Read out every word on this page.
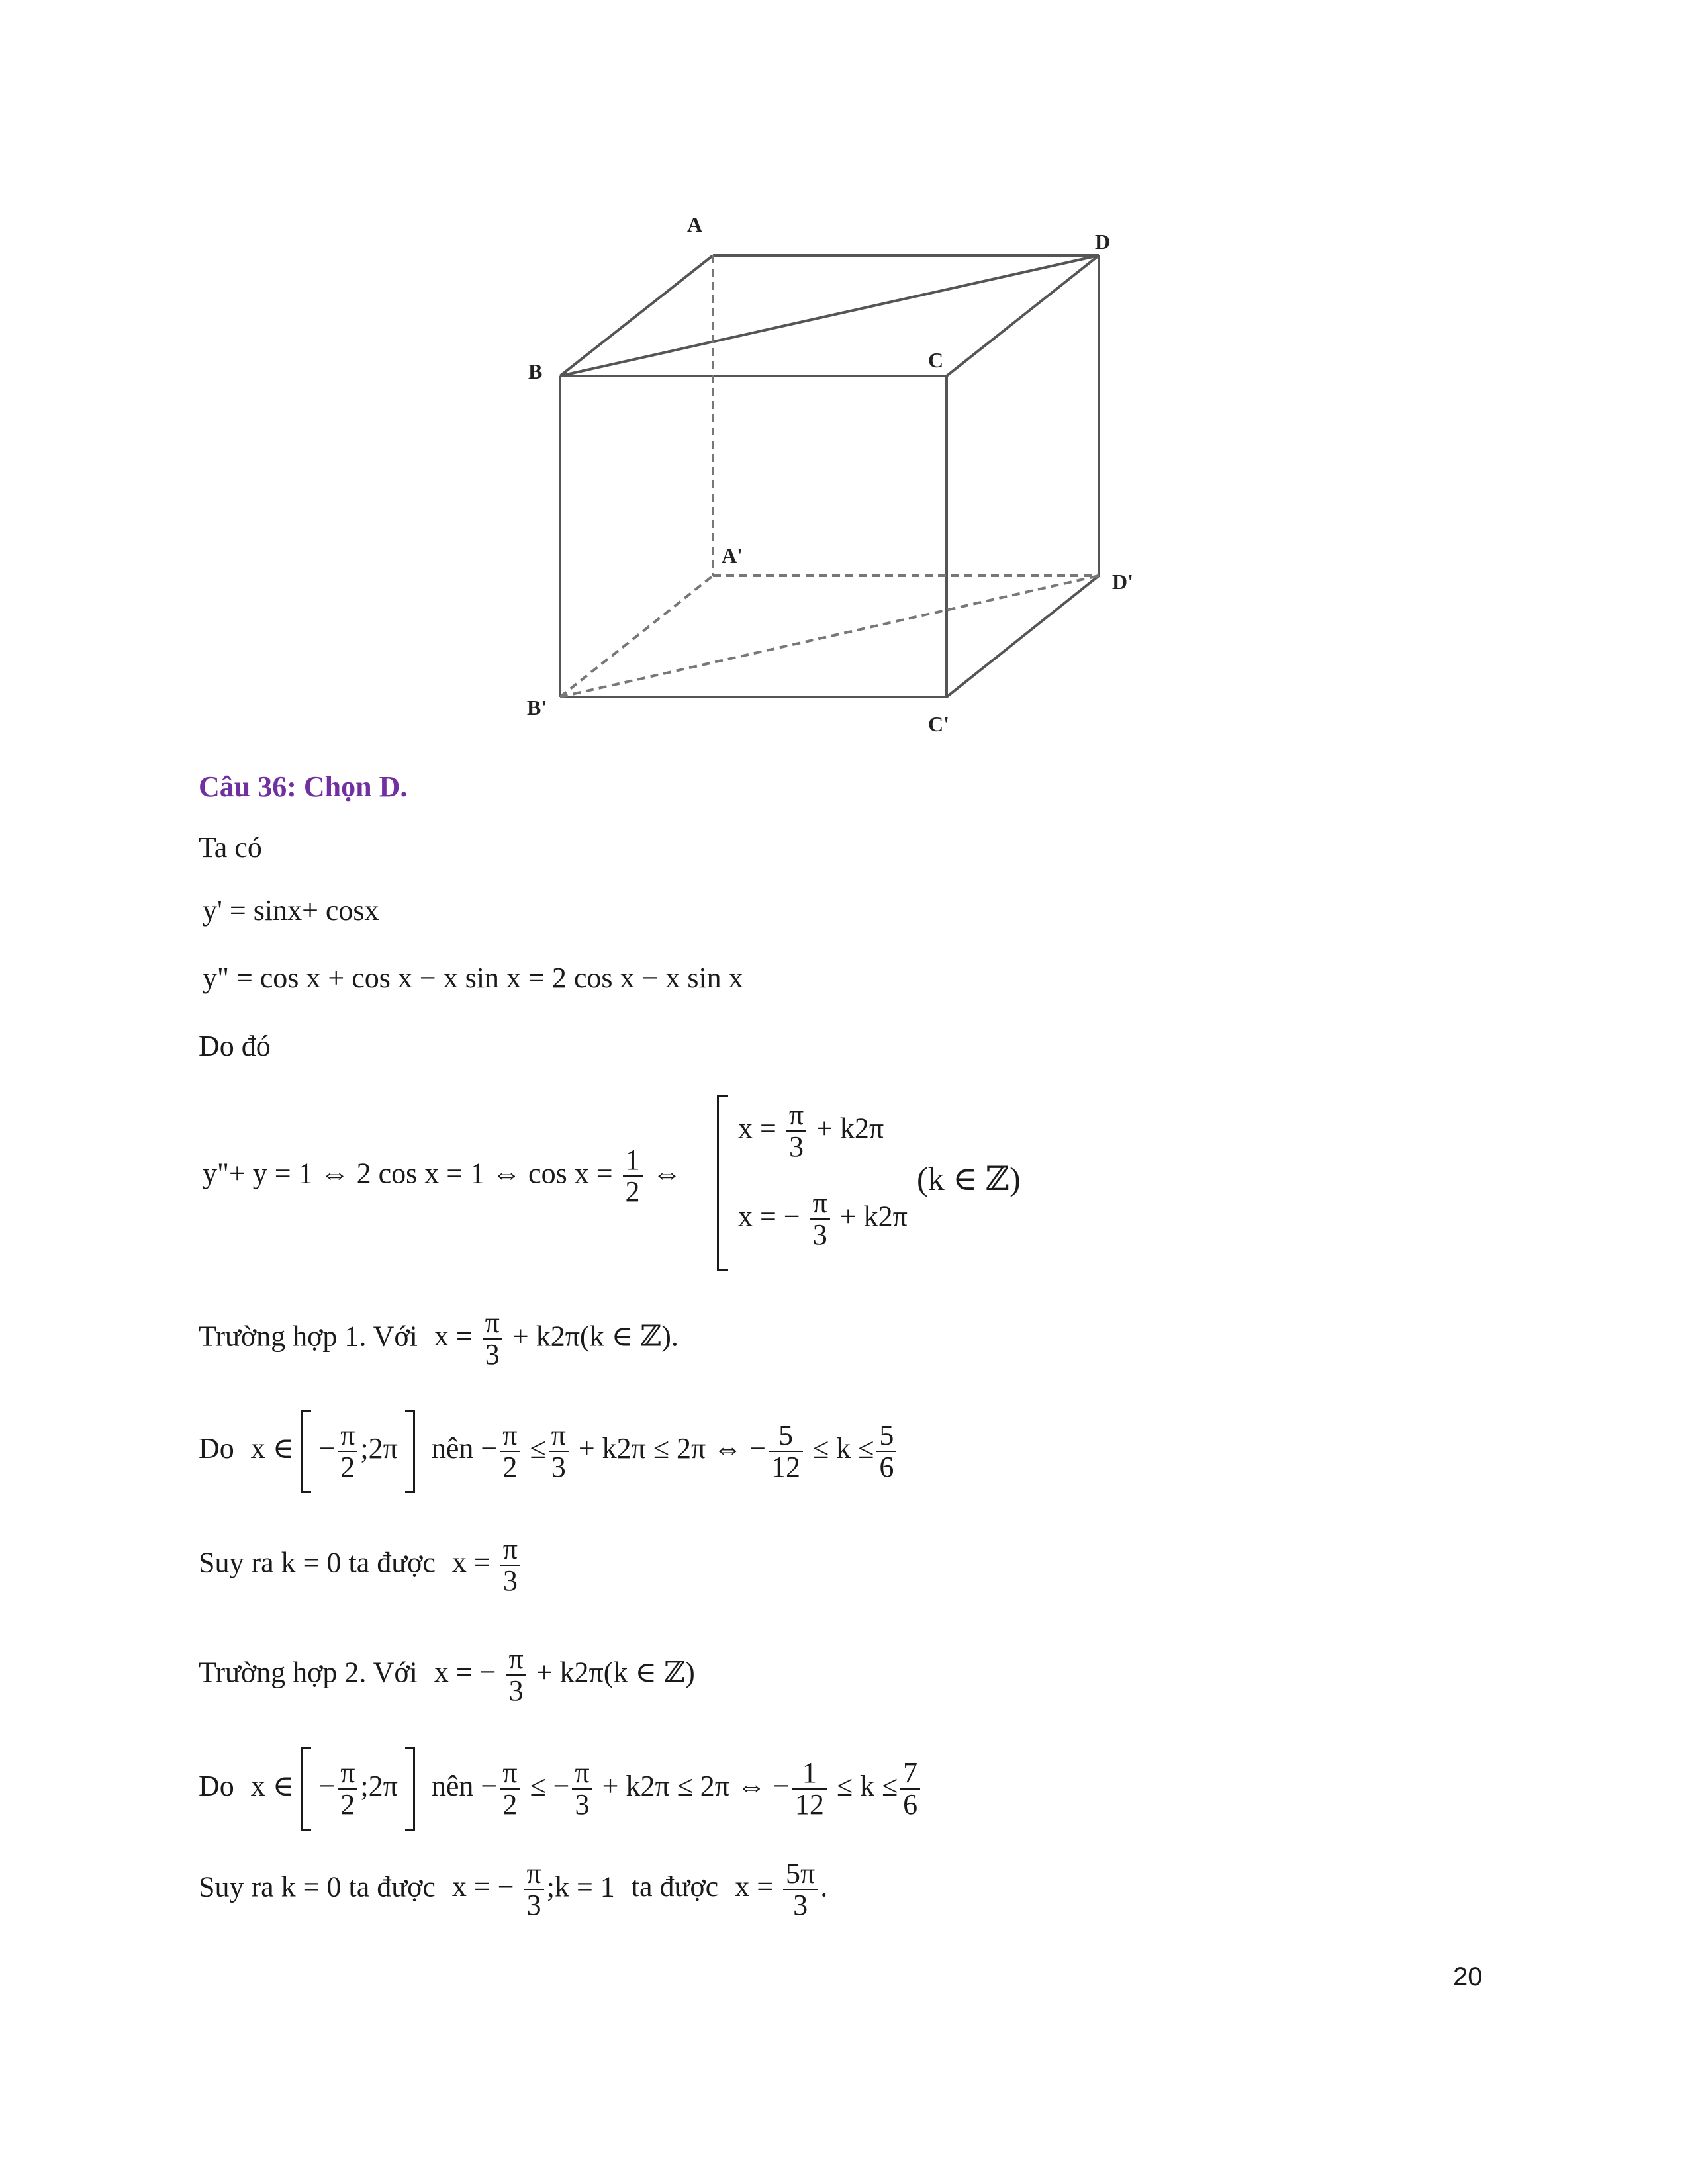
A
D
B	C
A'
D'
B'
C'
Câu 36: Chọn D.
Ta có
y' = sinx+ cosx
y" = cos x + cos x − x sin x = 2 cos x − x sin x
Do đó
y"+ y = 1 ⇔ 2 cos x = 1 ⇔ $\cos x = \frac{1}{2}$ ⇔
$x = \frac{\pi}{3} + k2\pi$
x = − $\frac{\pi}{3} + k2\pi$
(k ∈ ℤ)
Trường hợp 1. Với $x = \frac{\pi}{3} + k2\pi(k$ ∈ ℤ).
Do x ∈ − $\frac{\pi}{2}$ ;2π nên − $\frac{\pi}{2} \le \frac{\pi}{3} + k2\pi \le 2\pi$ ⇔ − $\frac{5}{12} \le k \le \frac{5}{6}$
Suy ra k = 0 ta được $x = \frac{\pi}{3}$
Trường hợp 2. Với x = − $\frac{\pi}{3} + k2\pi(k$ ∈ ℤ)
Do x ∈ − $\frac{\pi}{2}$ ;2π nên − $\frac{\pi}{2}$ ≤ − $\frac{\pi}{3} + k2\pi \le 2\pi$ ⇔ − $\frac{1}{12} \le k \le \frac{7}{6}$
Suy ra k = 0 ta được x = − $\frac{\pi}{3}$ ;k = 1 ta được $x = \frac{5\pi}{3}$ .
20
